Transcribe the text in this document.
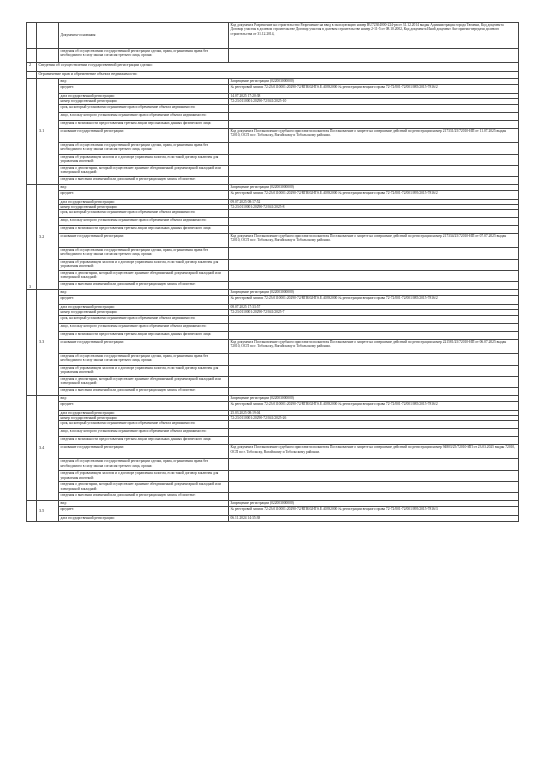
		Документы-основания:	Код документа Разрешение на строительство Разрешение на ввод в эксплуатацию номер RU72304000-224-рв от 31.12.2014 выдан Администрация города Тюмени, Код документа Договор участия в долевом строительстве Договор участия в долевом строительстве номер 2-11-5 от 08.10.2002, Код документа Иной документ Акт приема-передачи долевого строительства от 31.12.2014,
		сведения об осуществлении государственной регистрации сделки, права, ограничения права без необходимого в силу закона согласия третьего лица, органа:	
2	Сведения об осуществлении государственной регистрации сделки:		
	Ограничение прав и обременение объекта недвижимости:		
	3.1	вид:	Запрещение регистрации (022003000000)
		предмет:	№ реестровой записи 72:23:0110001:20290-72/RTRIGHTS.E.40392000 № регистрации вещного права 72-72/001-72/001/085/2015-7816/2
		дата государственной регистрации:	14.07.2025 17:20:38
		номер государственной регистрации:	72:23:0110001:20290-72/041/2025-10
		срок, на который установлено ограничение прав и обременение объекта недвижимости:	
		лицо, в пользу которого установлены ограничение прав и обременение объекта недвижимости:	
		сведения о возможности предоставления третьим лицам персональных данных физического лица:	
		основание государственной регистрации:	Код документа Постановление судебного пристава-исполнителя Постановление о запрете на совершение действий по регистрации номер 217331/25/72010-ИП от 11.07.2025 выдан 72010, ОСП по г. Тобольску, Вагайскому и Тобольскому районам.
		сведения об осуществлении государственной регистрации сделки, права, ограничения права без необходимого в силу закона согласия третьего лица, органа:	
		сведения об управляющем залогом и о договоре управления залогом, если такой договор заключен для управления ипотекой:	
		сведения о депозитарии, который осуществляет хранение обездвиженной документарной закладной или электронной закладной:	
		сведения о внесении изменений или дополнений в регистрационную запись об ипотеке:	
3	3.2	вид:	Запрещение регистрации (022003000000)
		предмет:	№ реестровой записи 72:23:0110001:20290-72/RTRIGHTS.E.40392000 № регистрации вещного права 72-72/001-72/001/095/2015-7816/2
		дата государственной регистрации:	09.07.2025 08:17:52
		номер государственной регистрации:	72:23:0110001:20290-72/041/2025-8
		срок, на который установлено ограничение прав и обременение объекта недвижимости:	
		лицо, в пользу которого установлены ограничение прав и обременение объекта недвижимости:	
		сведения о возможности предоставления третьим лицам персональных данных физического лица:	
		основание государственной регистрации:	Код документа Постановление судебного пристава-исполнителя Постановление о запрете на совершение действий по регистрации номер 217334/25/72010-ИП от 07.07.2025 выдан 72010, ОСП по г. Тобольску, Вагайскому и Тобольскому районам.
		сведения об осуществлении государственной регистрации сделки, права, ограничения права без необходимого в силу закона согласия третьего лица, органа:	
		сведения об управляющем залогом и о договоре управления залогом, если такой договор заключен для управления ипотекой:	
		сведения о депозитарии, который осуществляет хранение обездвиженной документарной закладной или электронной закладной:	
		сведения о внесении изменений или дополнений в регистрационную запись об ипотеке:	
	3.3	вид:	Запрещение регистрации (022003000000)
		предмет:	№ реестровой записи 72:23:0110001:20290-72/RTRIGHTS.E.40392000 № регистрации вещного права 72-72/001-72/001/085/2015-7816/2
		дата государственной регистрации:	08.07.2025 17:33:57
		номер государственной регистрации:	72:23:0110001:20290-72/041/2025-7
		срок, на который установлено ограничение прав и обременение объекта недвижимости:	
		лицо, в пользу которого установлены ограничение прав и обременение объекта недвижимости:	
		сведения о возможности предоставления третьим лицам персональных данных физического лица:	
		основание государственной регистрации:	Код документа Постановление судебного пристава-исполнителя Постановление о запрете на совершение действий по регистрации номер 221581/25/72010-ИП от 06.07.2025 выдан 72010, ОСП по г. Тобольску, Вагайскому и Тобольскому районам.
		сведения об осуществлении государственной регистрации сделки, права, ограничения права без необходимого в силу закона согласия третьего лица, органа:	
		сведения об управляющем залогом и о договоре управления залогом, если такой договор заключен для управления ипотекой:	
		сведения о депозитарии, который осуществляет хранение обездвиженной документарной закладной или электронной закладной:	
		сведения о внесении изменений или дополнений в регистрационную запись об ипотеке:	
	3.4	вид:	Запрещение регистрации (022003000000)
		предмет:	№ реестровой записи 72:23:0110001:20290-72/RTRIGHTS.E.40392000 № регистрации вещного права 72-72/001-72/001/085/2015-7816/2
		дата государственной регистрации:	25.03.2025 08:19:04
		номер государственной регистрации:	72:23:0110001:20290-72/041/2025-26
		срок, на который установлено ограничение прав и обременение объекта недвижимости:	
		лицо, в пользу которого установлены ограничение прав и обременение объекта недвижимости:	
		сведения о возможности предоставления третьим лицам персональных данных физического лица:	
		основание государственной регистрации:	Код документа Постановление судебного пристава-исполнителя Постановление о запрете на совершение действий по регистрации номер 94803/25/72010-ИП от 23.03.2025 выдан 72010, ОСП по г. Тобольску, Вагайскому и Тобольскому районам.
		сведения об осуществлении государственной регистрации сделки, права, ограничения права без необходимого в силу закона согласия третьего лица, органа:	
		сведения об управляющем залогом и о договоре управления залогом, если такой договор заключен для управления ипотекой:	
		сведения о депозитарии, который осуществляет хранение обездвиженной документарной закладной или электронной закладной:	
		сведения о внесении изменений или дополнений в регистрационную запись об ипотеке:	
	3.5	вид:	Запрещение регистрации (022003000000)
		предмет:	№ реестровой записи 72:23:0110001:20290-72/RTRIGHTS.E.40392000 № регистрации вещного права 72-72/001-72/001/095/2015-7816/3
		дата государственной регистрации:	06.11.2024 14:35:38
